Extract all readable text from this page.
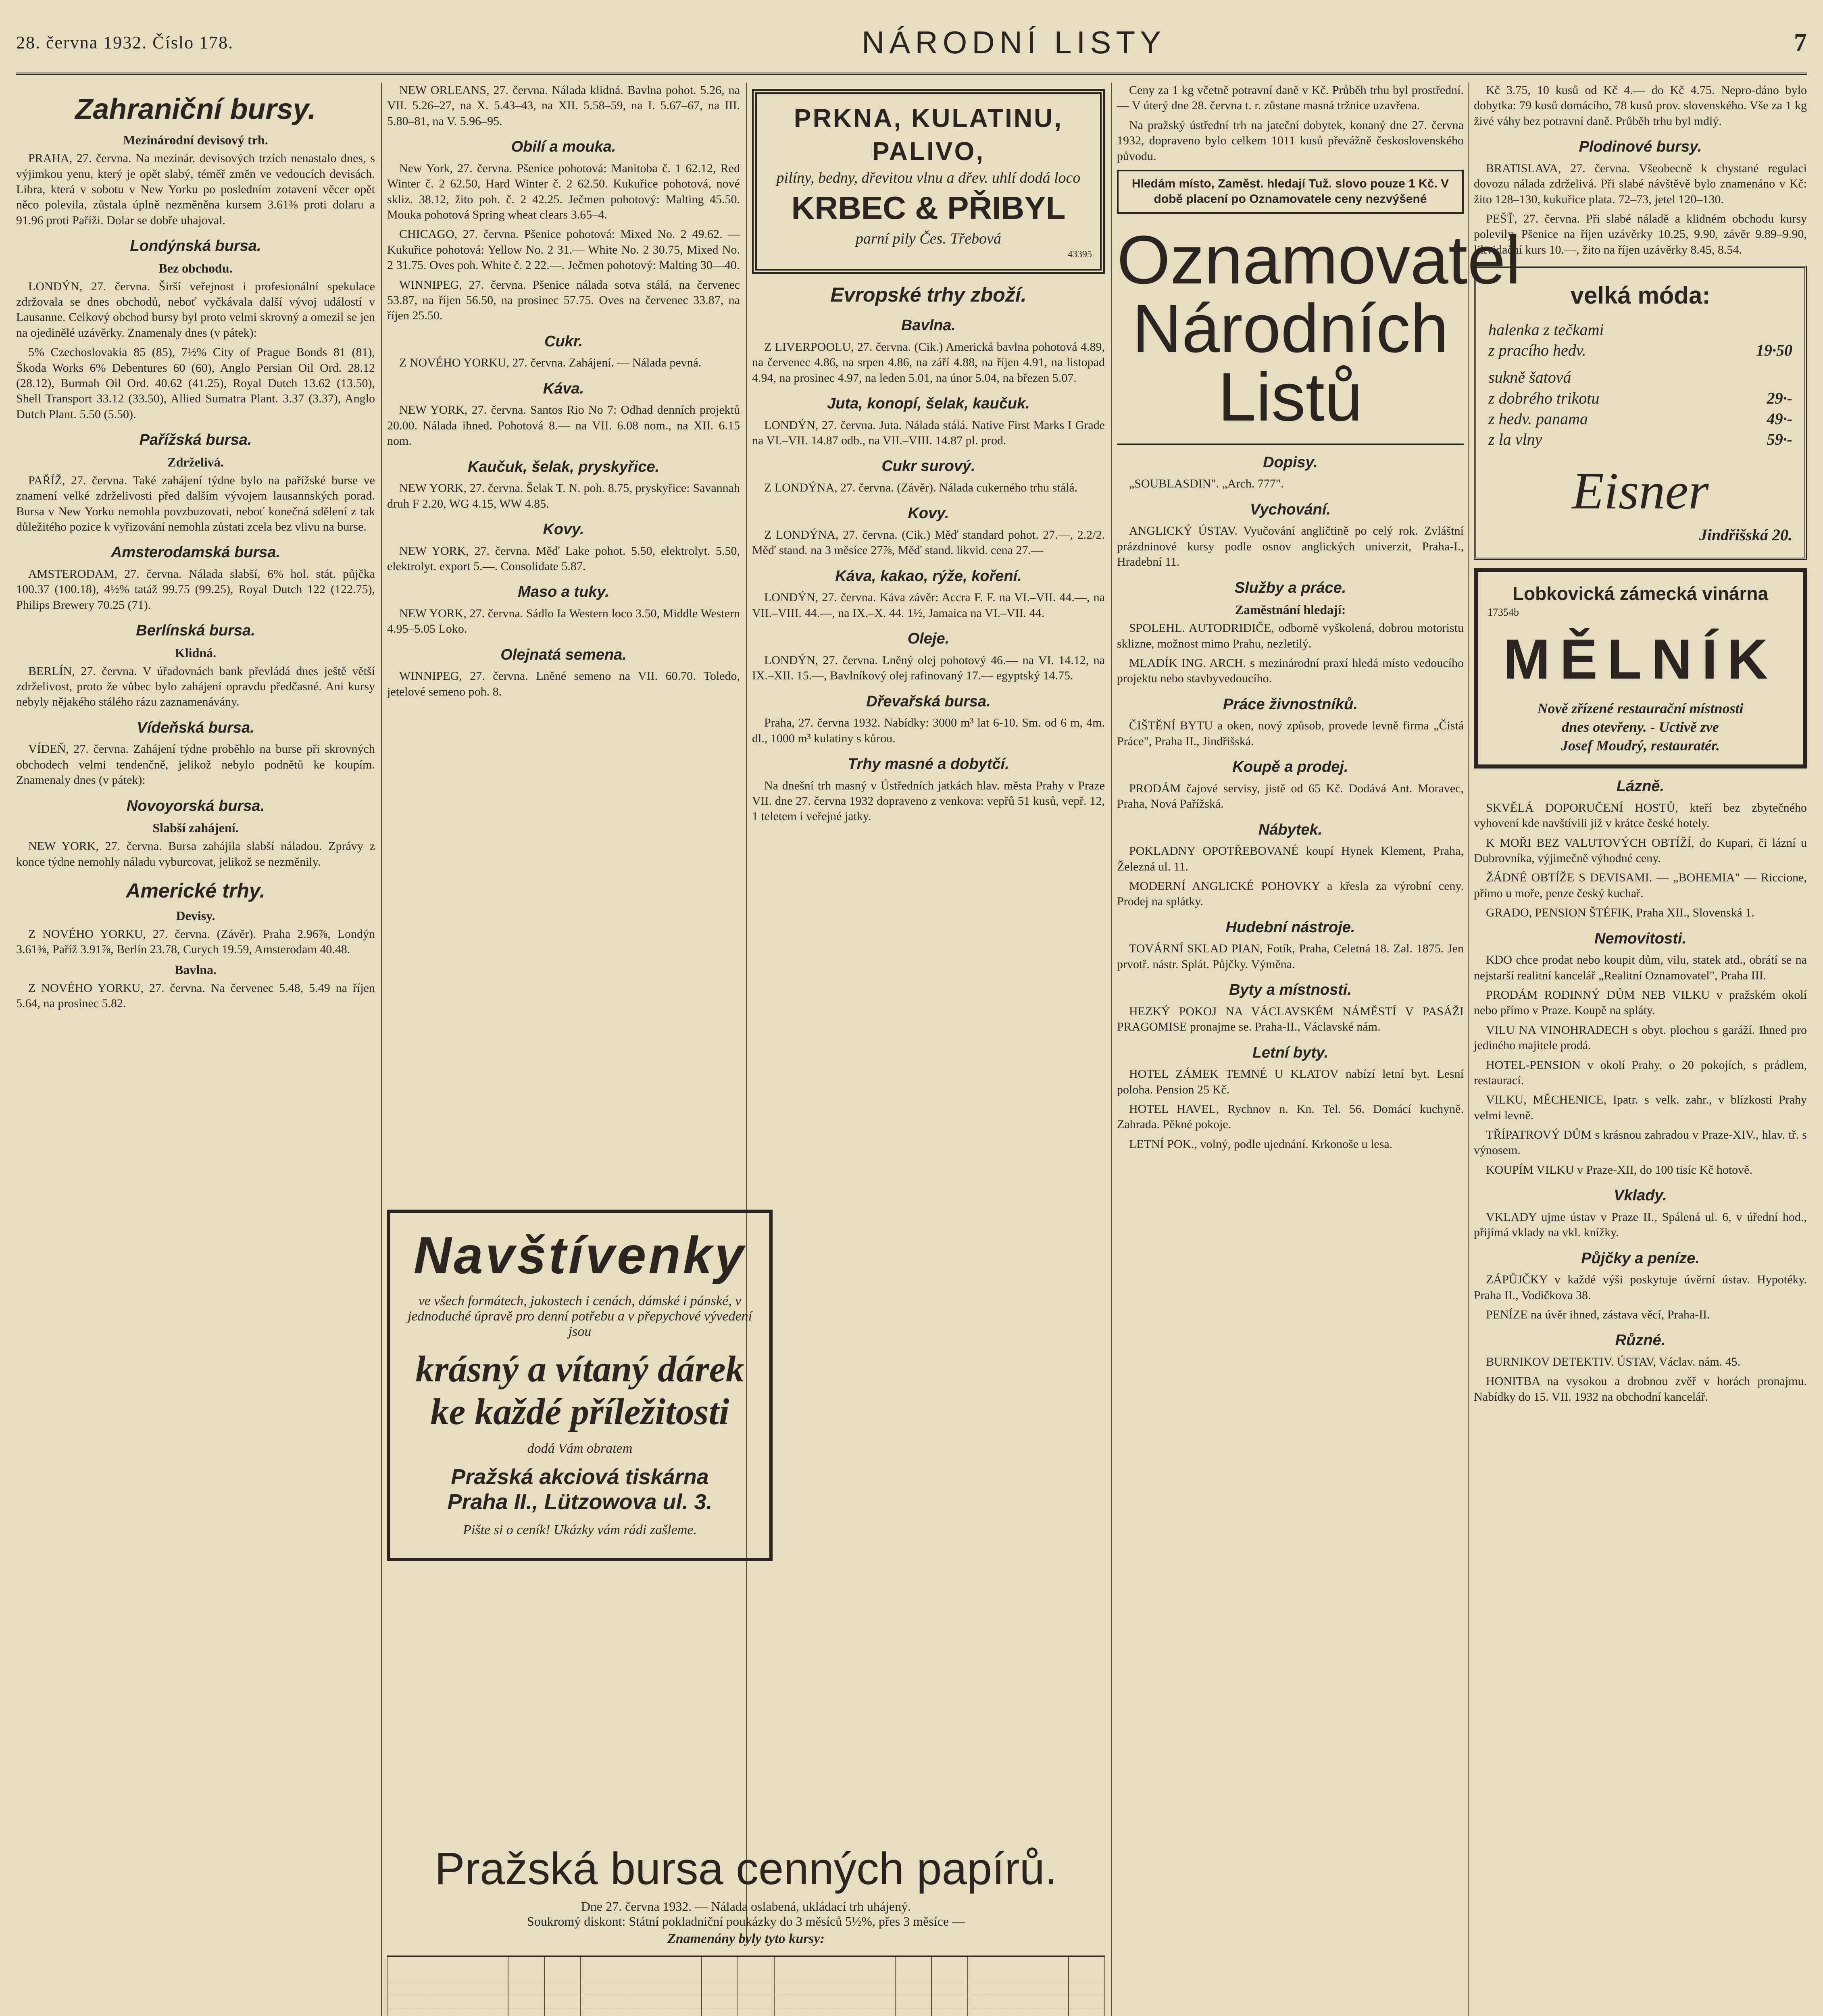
28. června 1932. Číslo 178.	NÁRODNÍ LISTY	7
Zahraniční bursy.
Mezinárodní devisový trh.

PRAHA, 27. června. Na mezinár. devisových trzích nenastalo dnes, s výjimkou yenu, který je opět slabý, téměř změn ve vedoucích devisách. Libra, která v sobotu v New Yorku po posledním zotavení věcer opět něco polevila, zůstala úplně nezměněna kursem 3.61⅜ proti dolaru a 91.96 proti Paříži. Dolar se dobře uhajoval.

Londýnská bursa.
Bez obchodu.

LONDÝN, 27. června. Širší veřejnost i profesionální spekulace zdržovala se dnes obchodů, neboť vyčkávala další vývoj událostí v Lausanne. Celkový obchod bursy byl proto velmi skrovný a omezil se jen na ojedinělé uzávěrky. Znamenaly dnes (v pátek):

5% Czechoslovakia 85 (85), 7½% City of Prague Bonds 81 (81), Škoda Works 6% Debentures 60 (60), Anglo Persian Oil Ord. 28.12 (28.12), Burmah Oil Ord. 40.62 (41.25), Royal Dutch 13.62 (13.50), Shell Transport 33.12 (33.50), Allied Sumatra Plant. 3.37 (3.37), Anglo Dutch Plant. 5.50 (5.50).

Pařížská bursa.
Zdrželivá.

PAŘÍŽ, 27. června. Také zahájení týdne bylo na pařížské burse ve znamení velké zdrželivosti před dalším vývojem lausannských porad. Bursa v New Yorku nemohla povzbuzovati, neboť konečná sdělení z tak důležitého pozice k vyřizování nemohla zůstati zcela bez vlivu na burse.

Amsterodamská bursa.

AMSTERODAM, 27. června. Nálada slabší, 6% hol. stát. půjčka 100.37 (100.18), 4½% tatáž 99.75 (99.25), Royal Dutch 122 (122.75), Philips Brewery 70.25 (71).

Berlínská bursa.
Klidná.

BERLÍN, 27. června. V úřadovnách bank převládá dnes ještě větší zdrželivost, proto že vůbec bylo zahájení opravdu předčasné. Ani kursy nebyly nějakého stálého rázu zaznamenávány.

Vídeňská bursa.

VÍDEŇ, 27. června. Zahájení týdne proběhlo na burse při skrovných obchodech velmi tendenčně, jelikož nebylo podnětů ke koupím. Znamenaly dnes (v pátek):

Novoyorská bursa.
Slabší zahájení.

NEW YORK, 27. června. Bursa zahájila slabší náladou. Zprávy z konce týdne nemohly náladu vyburcovat, jelikož se nezměnily.

Americké trhy.
Devisy.

Z NOVÉHO YORKU, 27. června. (Závěr). Praha 2.96⅞, Londýn 3.61⅜, Paříž 3.91⅞, Berlín 23.78, Curych 19.59, Amsterodam 40.48.

Bavlna.

Z NOVÉHO YORKU, 27. června. Na červenec 5.48, 5.49 na říjen 5.64, na prosinec 5.82.

NEW ORLEANS, 27. června. Nálada klidná. Bavlna pohot. 5.26, na VII. 5.26–27, na X. 5.43–43, na XII. 5.58–59, na I. 5.67–67, na III. 5.80–81, na V. 5.96–95.

Obilí a mouka.

New York, 27. června. Pšenice pohotová: Manitoba č. 1 62.12, Red Winter č. 2 62.50, Hard Winter č. 2 62.50. Kukuřice pohotová, nové skliz. 38.12, žito poh. č. 2 42.25. Ječmen pohotový: Malting 45.50. Mouka pohotová Spring wheat clears 3.65–4.

CHICAGO, 27. června. Pšenice pohotová: Mixed No. 2 49.62. — Kukuřice pohotová: Yellow No. 2 31.— White No. 2 30.75, Mixed No. 2 31.75. Oves poh. White č. 2 22.—. Ječmen pohotový: Malting 30—40.

WINNIPEG, 27. června. Pšenice nálada sotva stálá, na červenec 53.87, na říjen 56.50, na prosinec 57.75. Oves na červenec 33.87, na říjen 25.50.

Cukr.

Z NOVÉHO YORKU, 27. června. Zahájení. — Nálada pevná.

Káva.

NEW YORK, 27. června. Santos Rio No 7: Odhad denních projektů 20.00. Nálada ihned. Pohotová 8.— na VII. 6.08 nom., na XII. 6.15 nom.

Kaučuk, šelak, pryskyřice.

NEW YORK, 27. června. Šelak T. N. poh. 8.75, pryskyřice: Savannah druh F 2.20, WG 4.15, WW 4.85.

Kovy.

NEW YORK, 27. června. Měď Lake pohot. 5.50, elektrolyt. 5.50, elektrolyt. export 5.—. Consolidate 5.87.

Maso a tuky.

NEW YORK, 27. června. Sádlo Ia Western loco 3.50, Middle Western 4.95–5.05 Loko.

Olejnatá semena.

WINNIPEG, 27. června. Lněné semeno na VII. 60.70. Toledo, jetelové semeno poh. 8.

Navštívenky
ve všech formátech, jakostech i cenách, dámské i pánské, v jednoduché úpravě pro denní potřebu a v přepychové vývedení jsou
krásný a vítaný dárek
ke každé příležitosti
dodá Vám obratem
Pražská akciová tiskárna
Praha II., Lützowova ul. 3.
Pište si o ceník! Ukázky vám rádi zašleme.
PRKNA, KULATINU, PALIVO,
pilíny, bedny, dřevitou vlnu a dřev. uhlí dodá loco
KRBEC & PŘIBYL
parní pily Čes. Třebová
43395
Evropské trhy zboží.
Bavlna.

Z LIVERPOOLU, 27. června. (Cik.) Americká bavlna pohotová 4.89, na červenec 4.86, na srpen 4.86, na září 4.88, na říjen 4.91, na listopad 4.94, na prosinec 4.97, na leden 5.01, na únor 5.04, na březen 5.07.

Juta, konopí, šelak, kaučuk.

LONDÝN, 27. června. Juta. Nálada stálá. Native First Marks I Grade na VI.–VII. 14.87 odb., na VII.–VIII. 14.87 pl. prod.

Cukr surový.

Z LONDÝNA, 27. června. (Závěr). Nálada cukerného trhu stálá.

Kovy.

Z LONDÝNA, 27. června. (Cik.) Měď standard pohot. 27.—, 2.2/2. Měď stand. na 3 měsíce 27⅞, Měď stand. likvid. cena 27.—

Káva, kakao, rýže, koření.

LONDÝN, 27. června. Káva závěr: Accra F. F. na VI.–VII. 44.—, na VII.–VIII. 44.—, na IX.–X. 44. 1½, Jamaica na VI.–VII. 44.

Oleje.

LONDÝN, 27. června. Lněný olej pohotový 46.— na VI. 14.12, na IX.–XII. 15.—, Bavlníkový olej rafinovaný 17.— egyptský 14.75.

Dřevařská bursa.

Praha, 27. června 1932. Nabídky: 3000 m³ lat 6-10. Sm. od 6 m, 4m. dl., 1000 m³ kulatiny s kůrou.

Trhy masné a dobytčí.

Na dnešní trh masný v Ústředních jatkách hlav. města Prahy v Praze VII. dne 27. června 1932 dopraveno z venkova: vepřů 51 kusů, vepř. 12, 1 teletem i veřejné jatky.

Ceny za 1 kg včetně potravní daně v Kč. Průběh trhu byl prostřední. — V úterý dne 28. června t. r. zůstane masná tržnice uzavřena.

Na pražský ústřední trh na jateční dobytek, konaný dne 27. června 1932, dopraveno bylo celkem 1011 kusů převážně československého původu.

Hledám místo, Zaměst. hledají Tuž. slovo pouze 1 Kč. V době placení po Oznamovatele ceny nezvýšené
Oznamovatel
Národních Listů
Dopisy.

„SOUBLASDIN". „Arch. 777".

Vychování.

ANGLICKÝ ÚSTAV. Vyučování angličtině po celý rok. Zvláštní prázdninové kursy podle osnov anglických univerzit, Praha-I., Hradební 11.

Služby a práce.
Zaměstnání hledají:

SPOLEHL. AUTODRIDIČE, odborně vyškolená, dobrou motoristu sklizne, možnost mimo Prahu, nezletilý.

MLADÍK ING. ARCH. s mezinárodní praxí hledá místo vedoucího projektu nebo stavbyvedoucího.

Práce živnostníků.

ČIŠTĚNÍ BYTU a oken, nový způsob, provede levně firma „Čistá Práce", Praha II., Jindřišská.

Koupě a prodej.

PRODÁM čajové servisy, jistě od 65 Kč. Dodává Ant. Moravec, Praha, Nová Pařížská.

Nábytek.

POKLADNY OPOTŘEBOVANÉ koupí Hynek Klement, Praha, Železná ul. 11.

MODERNÍ ANGLICKÉ POHOVKY a křesla za výrobní ceny. Prodej na splátky.

Hudební nástroje.

TOVÁRNÍ SKLAD PIAN, Fotík, Praha, Celetná 18. Zal. 1875. Jen prvotř. nástr. Splát. Půjčky. Výměna.

Byty a místnosti.

HEZKÝ POKOJ NA VÁCLAVSKÉM NÁMĚSTÍ V PASÁŽI PRAGOMISE pronajme se. Praha-II., Václavské nám.

Letní byty.

HOTEL ZÁMEK TEMNÉ U KLATOV nabízí letní byt. Lesní poloha. Pension 25 Kč.

HOTEL HAVEL, Rychnov n. Kn. Tel. 56. Domácí kuchyně. Zahrada. Pěkné pokoje.

LETNÍ POK., volný, podle ujednání. Krkonoše u lesa.

Kč 3.75, 10 kusů od Kč 4.— do Kč 4.75. Nepro-dáno bylo dobytka: 79 kusů domácího, 78 kusů prov. slovenského. Vše za 1 kg živé váhy bez potravní daně. Průběh trhu byl mdlý.

Plodinové bursy.

BRATISLAVA, 27. června. Všeobecně k chystané regulaci dovozu nálada zdrželivá. Při slabé návštěvě bylo znamenáno v Kč: žito 128–130, kukuřice plata. 72–73, jetel 120–130.

PEŠŤ, 27. června. Při slabé náladě a klidném obchodu kursy polevily. Pšenice na říjen uzávěrky 10.25, 9.90, závěr 9.89–9.90, likvidační kurs 10.—, žito na říjen uzávěrky 8.45, 8.54.

velká móda:
halenka z tečkami
z pracího hedv.	19·50
sukně šatová
z dobrého trikotu	29·-
z hedv. panama	49·-
z la vlny	59·-
Eisner
Jindřišská 20.
Lobkovická zámecká vinárna
17354b
MĚLNÍK
Nově zřízené restaurační místnosti
dnes otevřeny. - Uctivě zve
Josef Moudrý, restauratér.
Lázně.

SKVĚLÁ DOPORUČENÍ HOSTŮ, kteří bez zbytečného vyhovení kde navštívili již v krátce české hotely.

K MOŘI BEZ VALUTOVÝCH OBTÍŽÍ, do Kupari, či lázní u Dubrovníka, výjimečně výhodné ceny.

ŽÁDNÉ OBTÍŽE S DEVISAMI. — „BOHEMIA" — Riccione, přímo u moře, penze český kuchař.

GRADO, PENSION ŠTÉFIK, Praha XII., Slovenská 1.

Nemovitosti.

KDO chce prodat nebo koupit dům, vilu, statek atd., obrátí se na nejstarší realitní kancelář „Realitní Oznamovatel", Praha III.

PRODÁM RODINNÝ DŮM NEB VILKU v pražském okolí nebo přímo v Praze. Koupě na spláty.

VILU NA VINOHRADECH s obyt. plochou s garáží. Ihned pro jediného majitele prodá.

HOTEL-PENSION v okolí Prahy, o 20 pokojích, s prádlem, restaurací.

VILKU, MĚCHENICE, Ipatr. s velk. zahr., v blízkosti Prahy velmi levně.

TŘÍPATROVÝ DŮM s krásnou zahradou v Praze-XIV., hlav. tř. s výnosem.

KOUPÍM VILKU v Praze-XII, do 100 tisíc Kč hotově.

Vklady.

VKLADY ujme ústav v Praze II., Spálená ul. 6, v úřední hod., přijímá vklady na vkl. knížky.

Půjčky a peníze.

ZÁPŮJČKY v každé výši poskytuje úvěrní ústav. Hypotéky. Praha II., Vodičkova 38.

PENÍZE na úvěr ihned, zástava věcí, Praha-II.

Různé.

BURNIKOV DETEKTIV. ÚSTAV, Václav. nám. 45.

HONITBA na vysokou a drobnou zvěř v horách pronajmu. Nabídky do 15. VII. 1932 na obchodní kancelář.

Pražská bursa cenných papírů.
Dne 27. června 1932. — Nálada oslabená, ukládací trh uhájený.
Soukromý diskont: Státní pokladniční poukázky do 3 měsíců 5½%, přes 3 měsíce —
Znamenány byly tyto kursy:
